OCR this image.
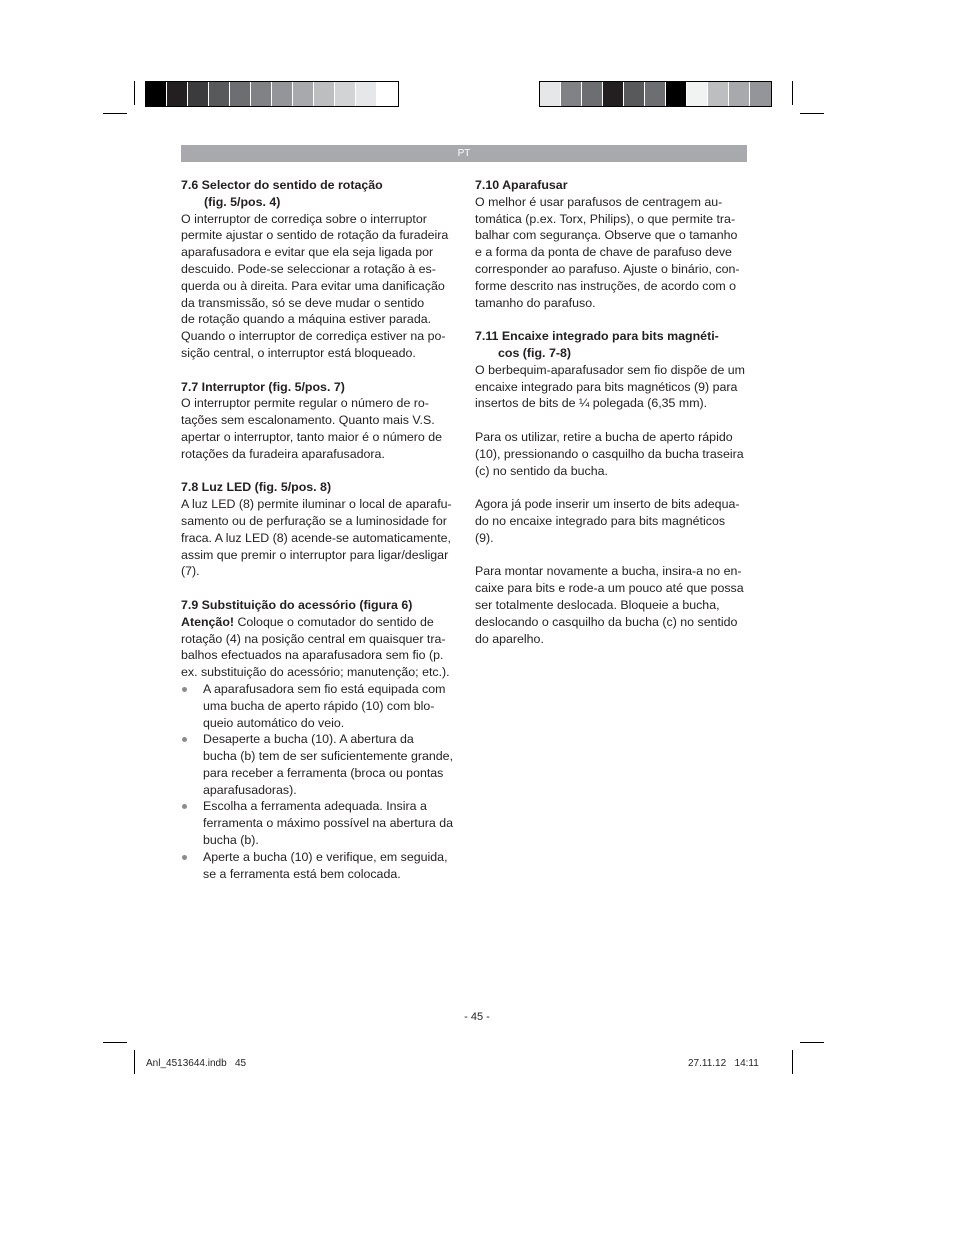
PT

7.6 Selector do sentido de rotação
(fig. 5/pos. 4)

O interruptor de corrediça sobre o interruptor
permite ajustar o sentido de rotação da furadeira
aparafusadora e evitar que ela seja ligada por
descuido. Pode-se seleccionar a rotação à es-
querda ou à direita. Para evitar uma danificação
da transmissão, só se deve mudar o sentido
de rotação quando a máquina estiver parada.
Quando o interruptor de corrediça estiver na po-
sição central, o interruptor está bloqueado.

7.7 Interruptor (fig. 5/pos. 7)

O interruptor permite regular o número de ro-
tações sem escalonamento. Quanto mais V.S.
apertar o interruptor, tanto maior é o número de
rotações da furadeira aparafusadora.

7.8 Luz LED (fig. 5/pos. 8)

A luz LED (8) permite iluminar o local de aparafu-
samento ou de perfuração se a luminosidade for
fraca. A luz LED (8) acende-se automaticamente,
assim que premir o interruptor para ligar/desligar
(7).

7.9 Substituição do acessório (figura 6)

Atenção! Coloque o comutador do sentido de
rotação (4) na posição central em quaisquer tra-
balhos efectuados na aparafusadora sem fio (p.
ex. substituição do acessório; manutenção; etc.).

A aparafusadora sem fio está equipada com
uma bucha de aperto rápido (10) com blo-
queio automático do veio.
Desaperte a bucha (10). A abertura da
bucha (b) tem de ser suficientemente grande,
para receber a ferramenta (broca ou pontas
aparafusadoras).
Escolha a ferramenta adequada. Insira a
ferramenta o máximo possível na abertura da
bucha (b).
Aperte a bucha (10) e verifique, em seguida,
se a ferramenta está bem colocada.

7.10 Aparafusar

O melhor é usar parafusos de centragem au-
tomática (p.ex. Torx, Philips), o que permite tra-
balhar com segurança. Observe que o tamanho
e a forma da ponta de chave de parafuso deve
corresponder ao parafuso. Ajuste o binário, con-
forme descrito nas instruções, de acordo com o
tamanho do parafuso.

7.11 Encaixe integrado para bits magnéti-
cos (fig. 7-8)

O berbequim-aparafusador sem fio dispõe de um
encaixe integrado para bits magnéticos (9) para
insertos de bits de ¼ polegada (6,35 mm).

Para os utilizar, retire a bucha de aperto rápido
(10), pressionando o casquilho da bucha traseira
(c) no sentido da bucha.

Agora já pode inserir um inserto de bits adequa-
do no encaixe integrado para bits magnéticos
(9).

Para montar novamente a bucha, insira-a no en-
caixe para bits e rode-a um pouco até que possa
ser totalmente deslocada. Bloqueie a bucha,
deslocando o casquilho da bucha (c) no sentido
do aparelho.

- 45 -
Anl_4513644.indb   45	27.11.12   14:11
